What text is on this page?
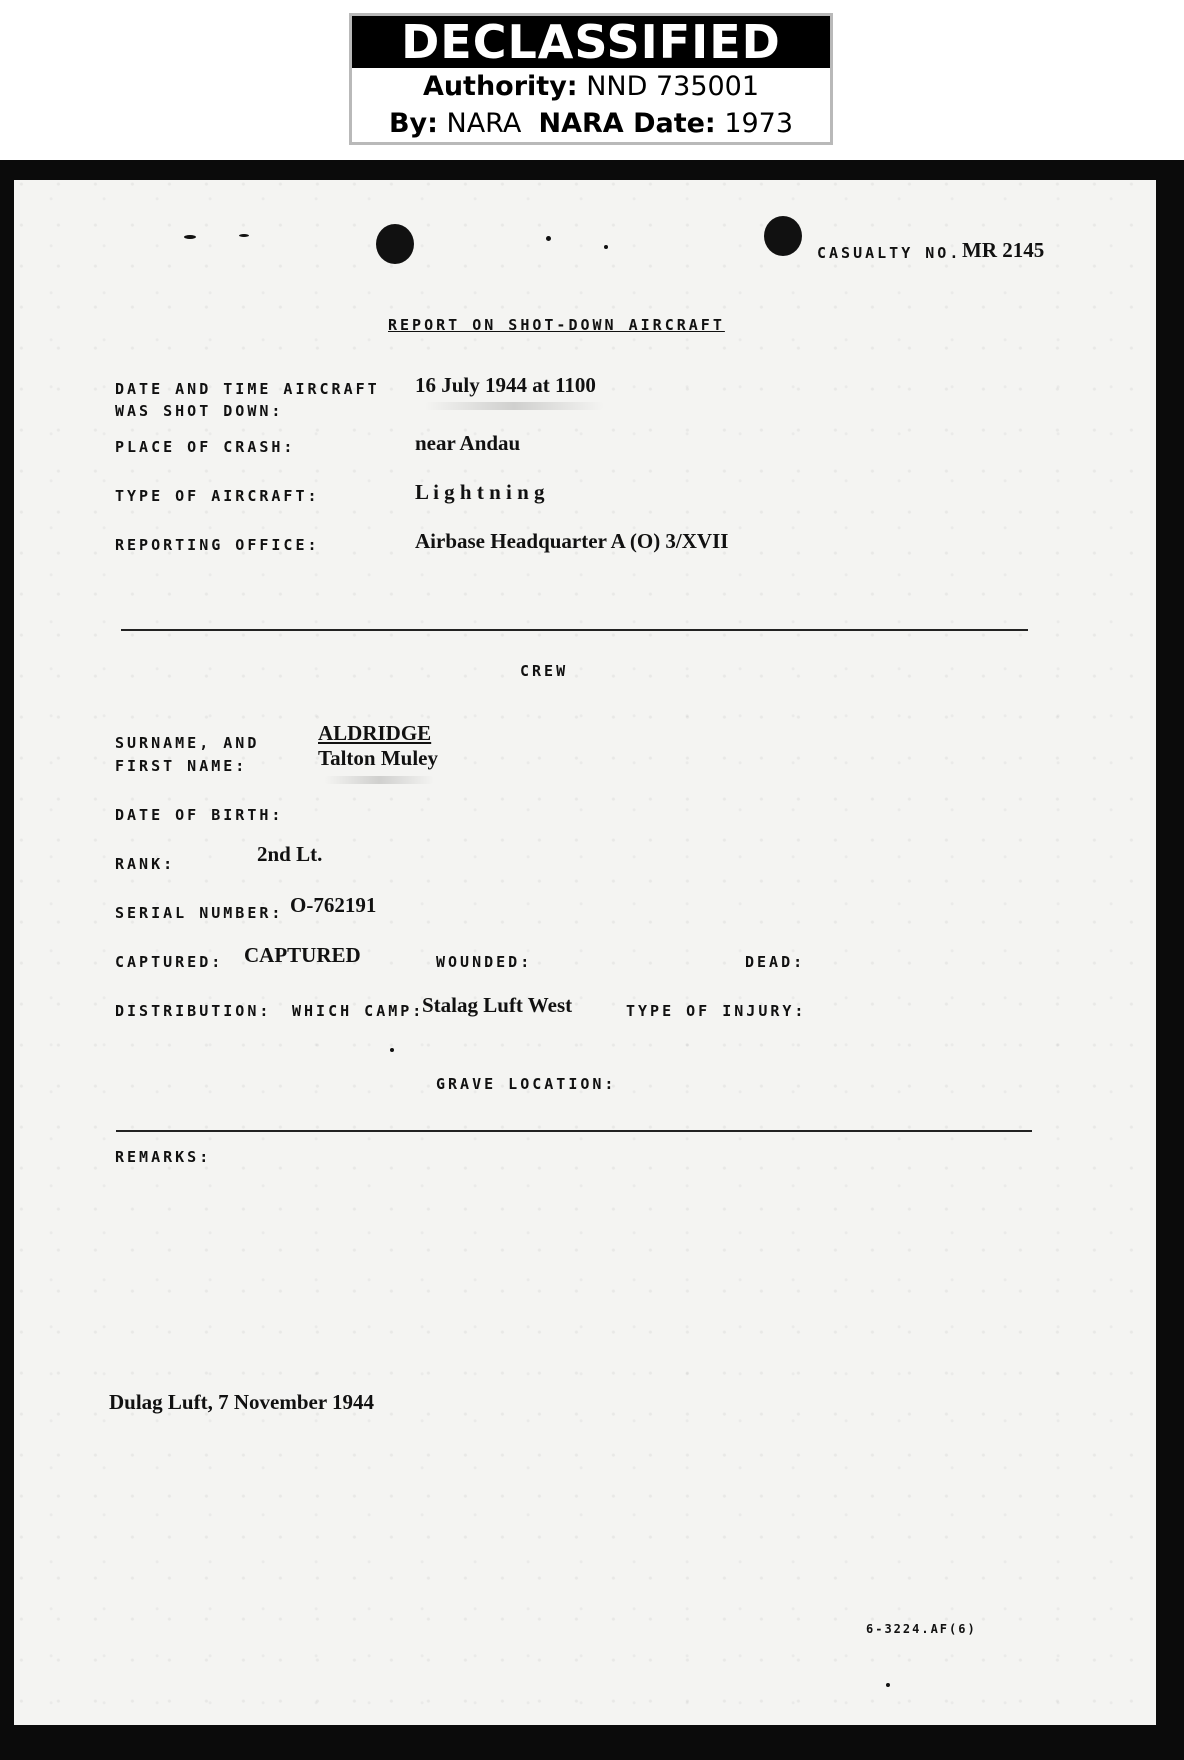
DECLASSIFIED
Authority: NND 735001
By: NARA NARA Date: 1973
CASUALTY NO. MR 2145
REPORT ON SHOT-DOWN AIRCRAFT
DATE AND TIME AIRCRAFT
WAS SHOT DOWN:
16 July 1944 at 1100
PLACE OF CRASH:	near Andau
TYPE OF AIRCRAFT:	L i g h t n i n g
REPORTING OFFICE:	Airbase Headquarter A (O) 3/XVII
CREW
SURNAME, AND
FIRST NAME:
ALDRIDGE
Talton Muley
DATE OF BIRTH:
RANK:	2nd Lt.
SERIAL NUMBER: O-762191
CAPTURED: CAPTURED	WOUNDED:	DEAD:
DISTRIBUTION: WHICH CAMP:
Stalag Luft West	TYPE OF INJURY:
GRAVE LOCATION:
REMARKS:
Dulag Luft, 7 November 1944
6-3224.AF(6)
